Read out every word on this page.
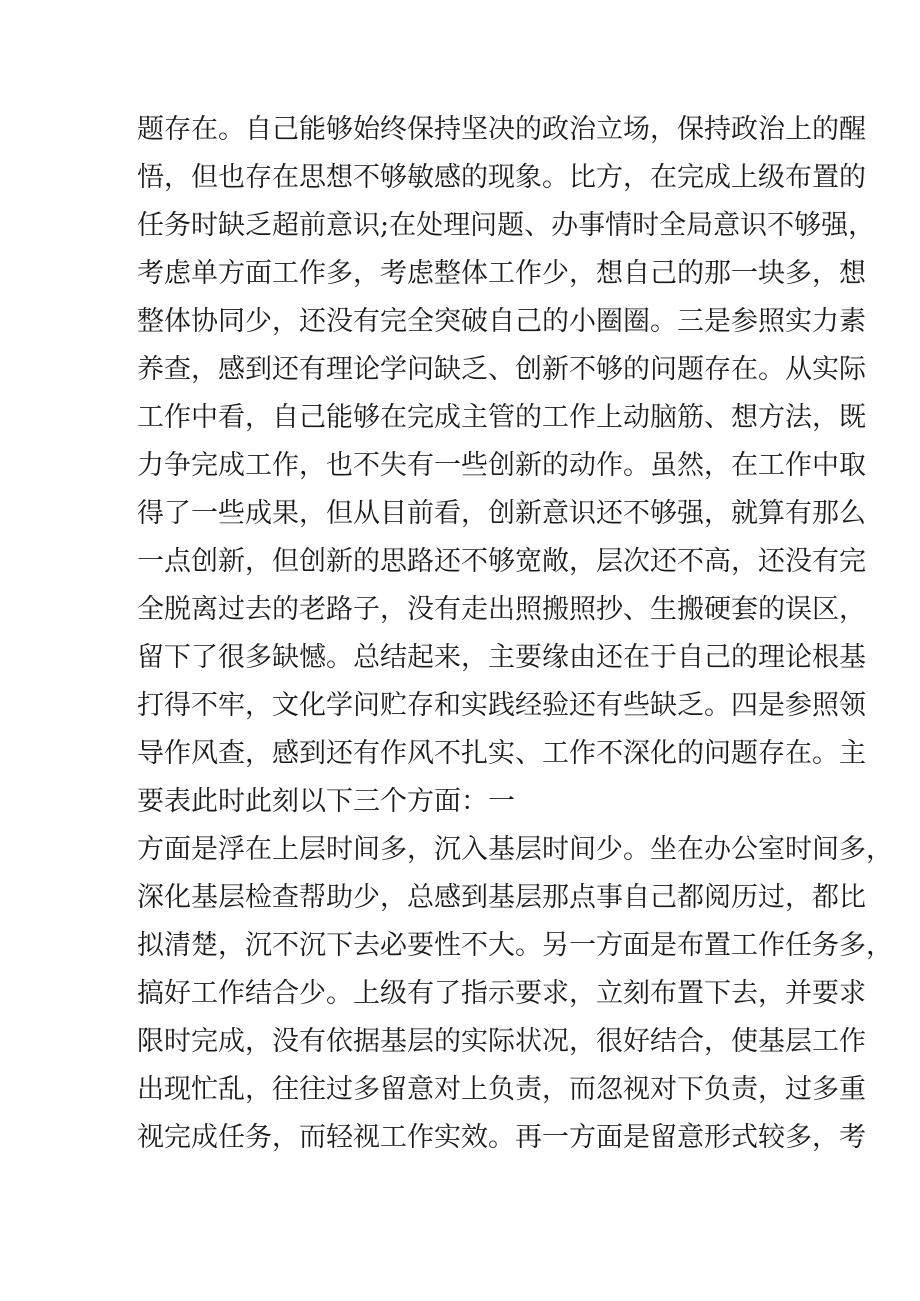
题存在。自己能够始终保持坚决的政治立场，保持政治上的醒
悟，但也存在思想不够敏感的现象。比方，在完成上级布置的
任务时缺乏超前意识;在处理问题、办事情时全局意识不够强，
考虑单方面工作多，考虑整体工作少，想自己的那一块多，想
整体协同少，还没有完全突破自己的小圈圈。三是参照实力素
养查，感到还有理论学问缺乏、创新不够的问题存在。从实际
工作中看，自己能够在完成主管的工作上动脑筋、想方法，既
力争完成工作，也不失有一些创新的动作。虽然，在工作中取
得了一些成果，但从目前看，创新意识还不够强，就算有那么
一点创新，但创新的思路还不够宽敞，层次还不高，还没有完
全脱离过去的老路子，没有走出照搬照抄、生搬硬套的误区，
留下了很多缺憾。总结起来，主要缘由还在于自己的理论根基
打得不牢，文化学问贮存和实践经验还有些缺乏。四是参照领
导作风查，感到还有作风不扎实、工作不深化的问题存在。主
要表此时此刻以下三个方面：一
方面是浮在上层时间多，沉入基层时间少。坐在办公室时间多，
深化基层检查帮助少，总感到基层那点事自己都阅历过，都比
拟清楚，沉不沉下去必要性不大。另一方面是布置工作任务多，
搞好工作结合少。上级有了指示要求，立刻布置下去，并要求
限时完成，没有依据基层的实际状况，很好结合，使基层工作
出现忙乱，往往过多留意对上负责，而忽视对下负责，过多重
视完成任务，而轻视工作实效。再一方面是留意形式较多，考
